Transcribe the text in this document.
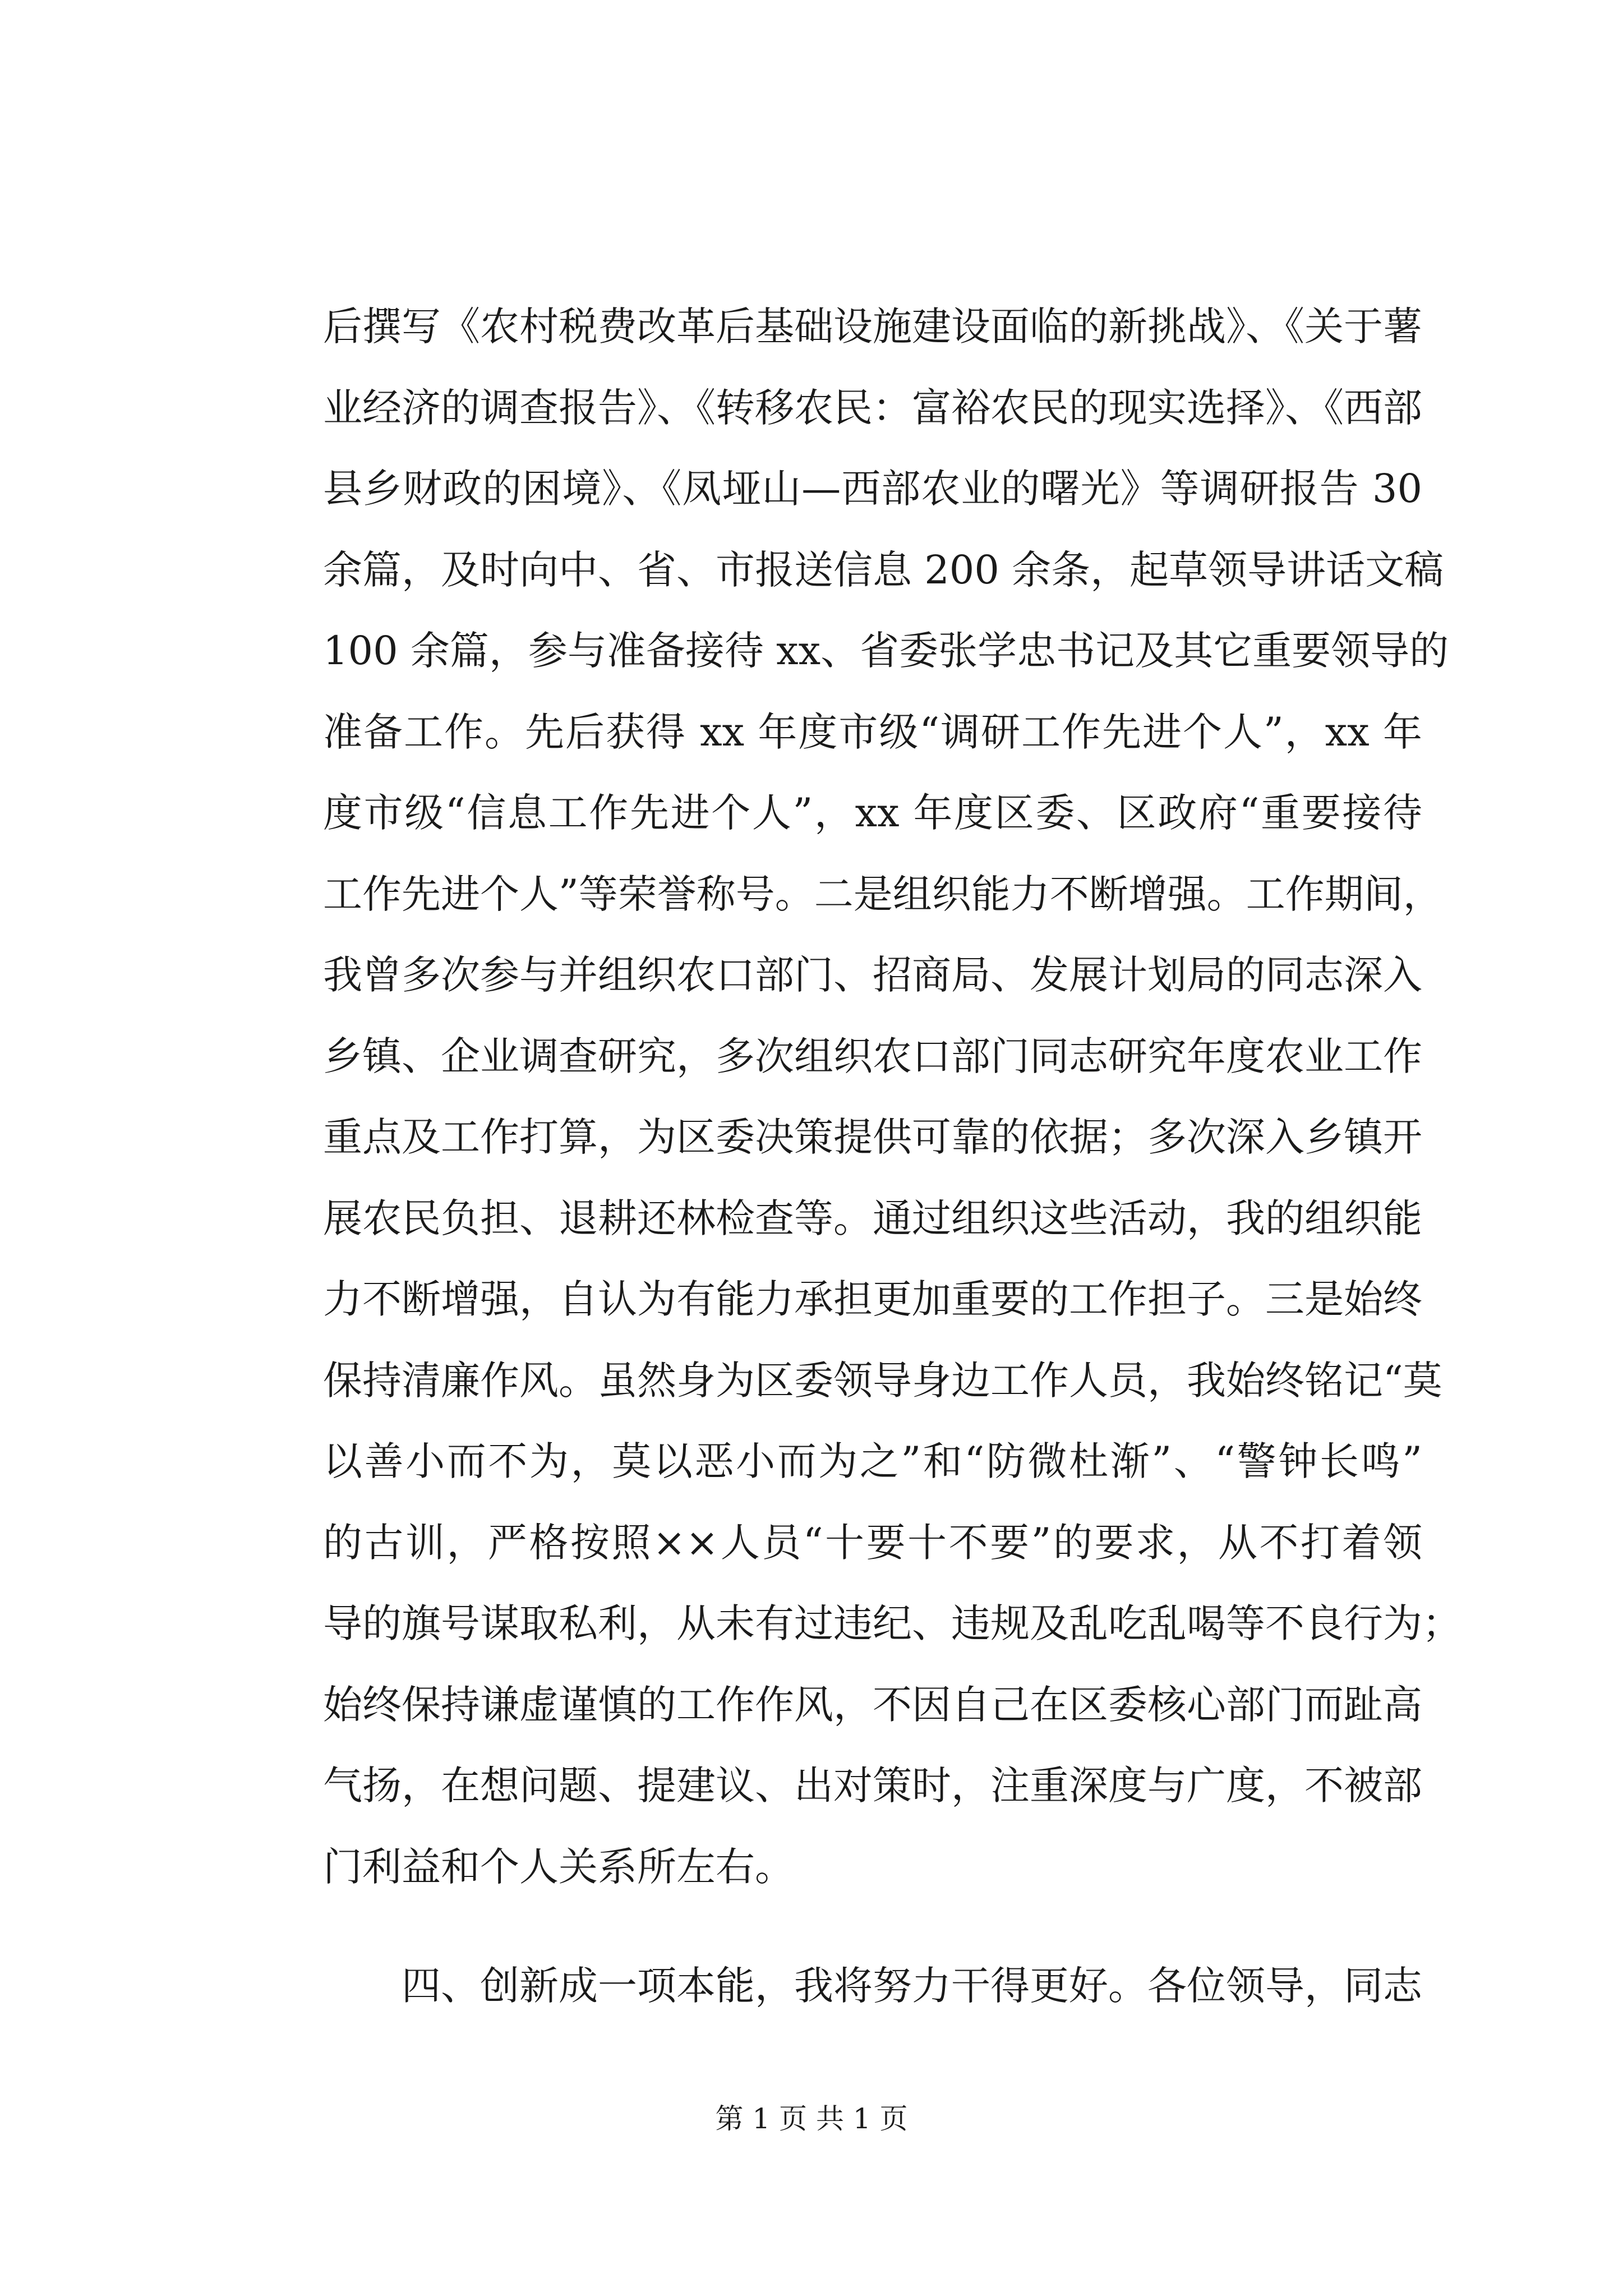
后撰写《农村税费改革后基础设施建设面临的新挑战》、《关于薯
业经济的调查报告》、《转移农民：富裕农民的现实选择》、《西部
县乡财政的困境》、《凤垭山—西部农业的曙光》等调研报告 30
余篇，及时向中、省、市报送信息 200 余条，起草领导讲话文稿
100 余篇，参与准备接待 xx、省委张学忠书记及其它重要领导的
准备工作。先后获得 xx 年度市级“调研工作先进个人”，xx 年
度市级“信息工作先进个人”，xx 年度区委、区政府“重要接待
工作先进个人”等荣誉称号。二是组织能力不断增强。工作期间，
我曾多次参与并组织农口部门、招商局、发展计划局的同志深入
乡镇、企业调查研究，多次组织农口部门同志研究年度农业工作
重点及工作打算，为区委决策提供可靠的依据；多次深入乡镇开
展农民负担、退耕还林检查等。通过组织这些活动，我的组织能
力不断增强，自认为有能力承担更加重要的工作担子。三是始终
保持清廉作风。虽然身为区委领导身边工作人员，我始终铭记“莫
以善小而不为，莫以恶小而为之”和“防微杜渐”、“警钟长鸣”
的古训，严格按照××人员“十要十不要”的要求，从不打着领
导的旗号谋取私利，从未有过违纪、违规及乱吃乱喝等不良行为；
始终保持谦虚谨慎的工作作风，不因自己在区委核心部门而趾高
气扬，在想问题、提建议、出对策时，注重深度与广度，不被部
门利益和个人关系所左右。
四、创新成一项本能，我将努力干得更好。各位领导，同志
第 1 页 共 1 页
